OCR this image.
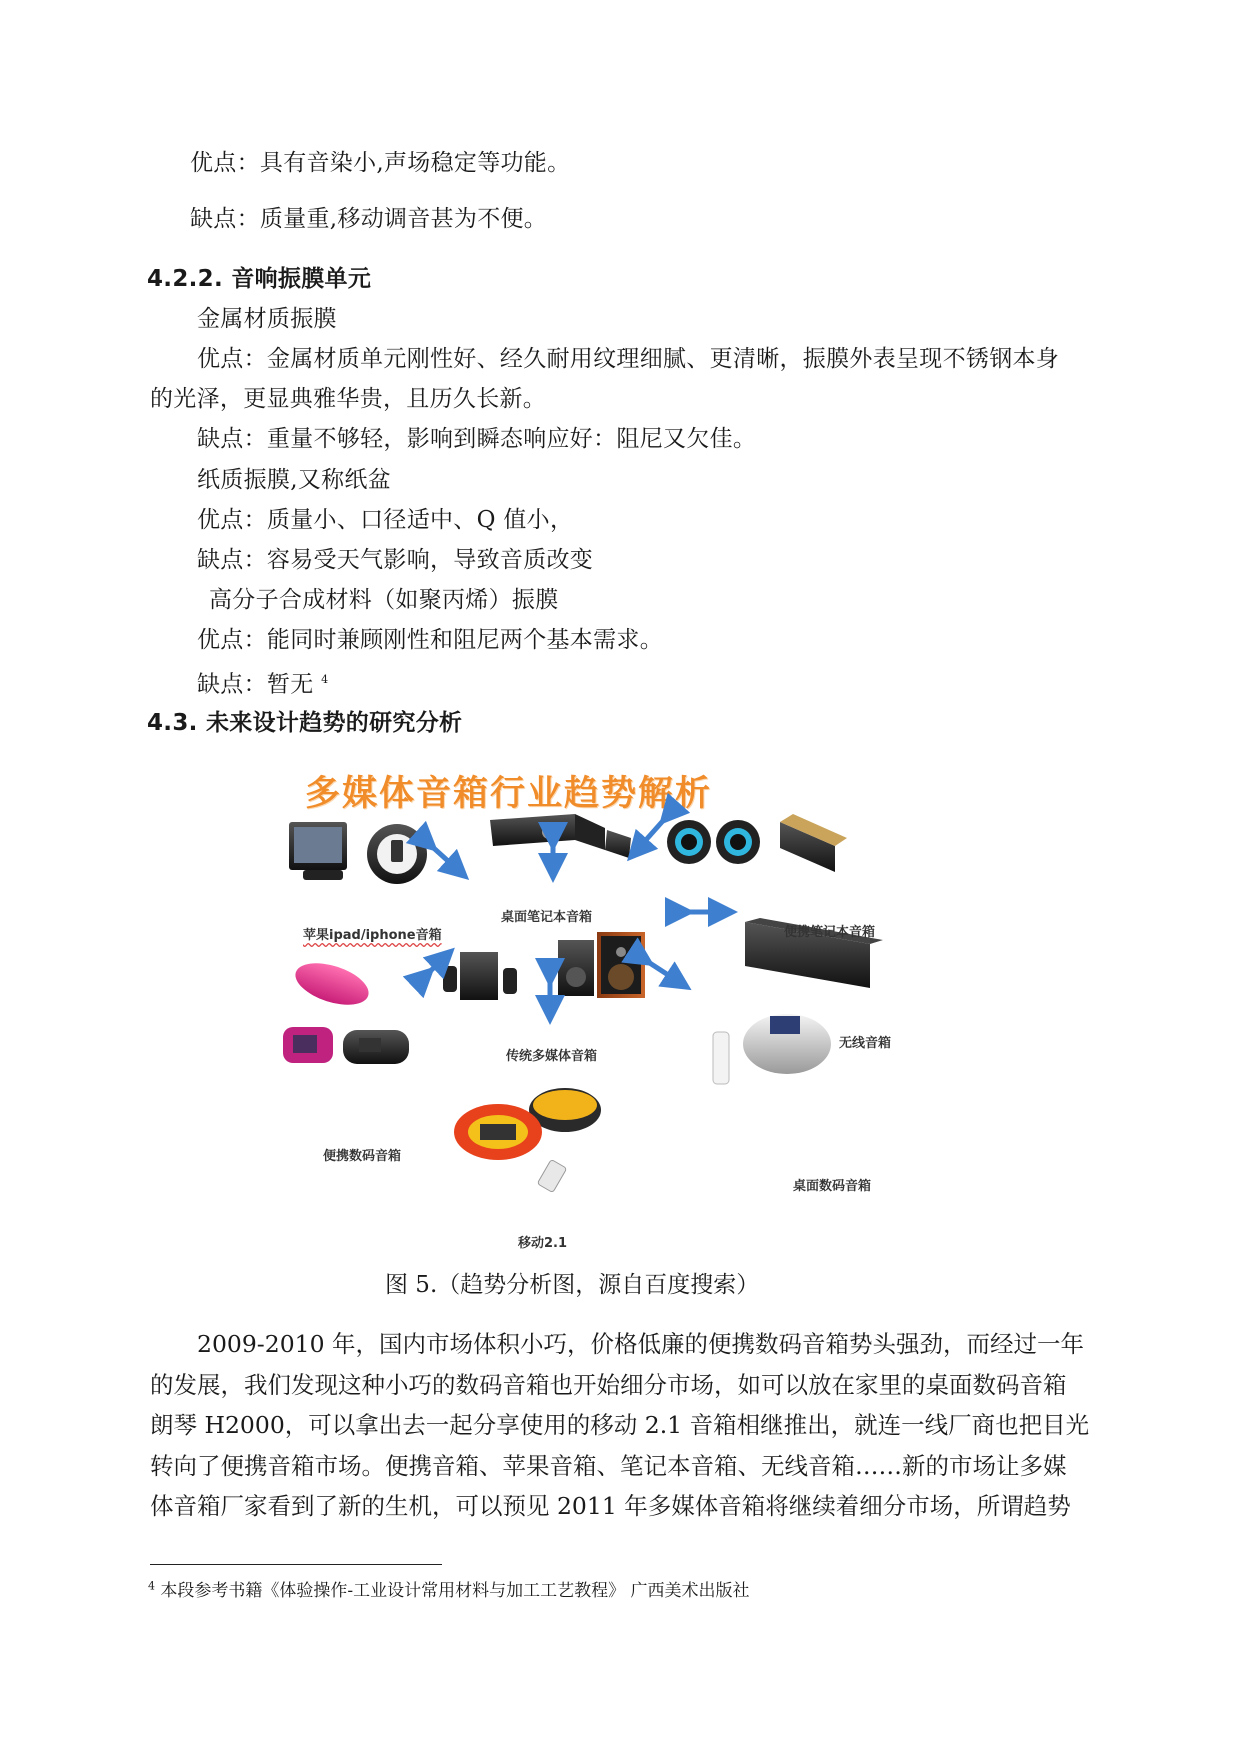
优点：具有音染小,声场稳定等功能。
缺点：质量重,移动调音甚为不便。
4.2.2. 音响振膜单元
金属材质振膜
优点：金属材质单元刚性好、经久耐用纹理细腻、更清晰，振膜外表呈现不锈钢本身
的光泽，更显典雅华贵，且历久长新。
缺点：重量不够轻，影响到瞬态响应好：阻尼又欠佳。
纸质振膜,又称纸盆
优点：质量小、口径适中、Q 值小，
缺点：容易受天气影响，导致音质改变
高分子合成材料（如聚丙烯）振膜
优点：能同时兼顾刚性和阻尼两个基本需求。
缺点：暂无 $^4$
4.3. 未来设计趋势的研究分析
多媒体音箱行业趋势解析
苹果ipad/iphone音箱
桌面笔记本音箱
便携笔记本音箱
传统多媒体音箱
无线音箱
便携数码音箱
桌面数码音箱
移动2.1
图 5.（趋势分析图，源自百度搜索）
2009-2010 年，国内市场体积小巧，价格低廉的便携数码音箱势头强劲，而经过一年
的发展，我们发现这种小巧的数码音箱也开始细分市场，如可以放在家里的桌面数码音箱
朗琴 H2000，可以拿出去一起分享使用的移动 2.1 音箱相继推出，就连一线厂商也把目光
转向了便携音箱市场。便携音箱、苹果音箱、笔记本音箱、无线音箱……新的市场让多媒
体音箱厂家看到了新的生机，可以预见 2011 年多媒体音箱将继续着细分市场，所谓趋势
$^4$ 本段参考书籍《体验操作-工业设计常用材料与加工工艺教程》 广西美术出版社
